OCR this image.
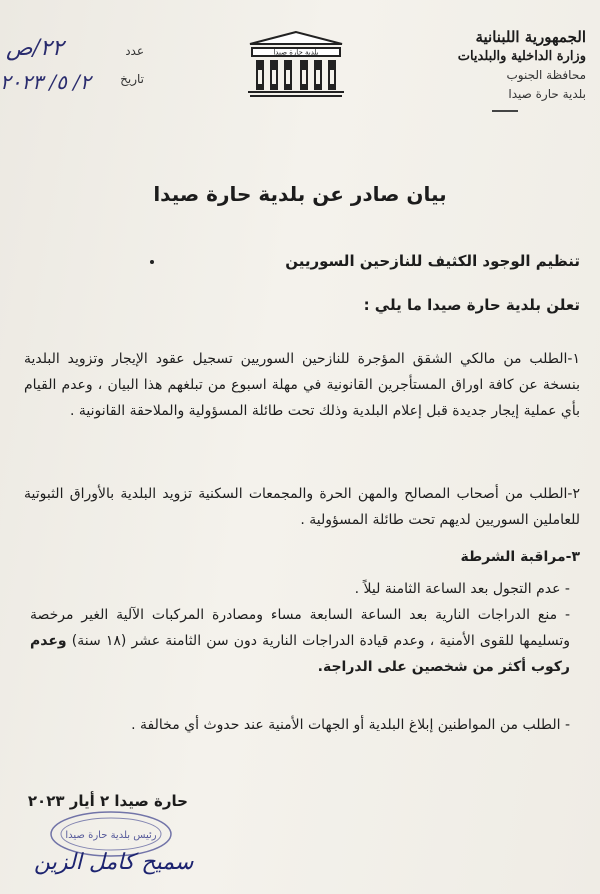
الجمهورية اللبنانية
وزارة الداخلية والبلديات
محافظة الجنوب
بلدية حارة صيدا
بلدية حارة صيدا
٢٢/ص	عدد
٢/ ٥/ ٢٠٢٣ تاريخ
بيان صادر عن بلدية حارة صيدا
تنظيم الوجود الكثيف للنازحين السوريين
تعلن بلدية حارة صيدا ما يلي :
١-الطلب من مالكي الشقق المؤجرة للنازحين السوريين تسجيل عقود الإيجار وتزويد البلدية بنسخة عن كافة اوراق المستأجرين القانونية في مهلة اسبوع من تبلغهم هذا البيان ، وعدم القيام بأي عملية إيجار جديدة قبل إعلام البلدية وذلك تحت طائلة المسؤولية والملاحقة القانونية .
٢-الطلب من أصحاب المصالح والمهن الحرة والمجمعات السكنية تزويد البلدية بالأوراق الثبوتية للعاملين السوريين لديهم تحت طائلة المسؤولية .
٣-مراقبة الشرطة
- عدم التجول بعد الساعة الثامنة ليلاً .
- منع الدراجات النارية بعد الساعة السابعة مساء ومصادرة المركبات الآلية الغير مرخصة وتسليمها للقوى الأمنية ، وعدم قيادة الدراجات النارية دون سن الثامنة عشر (١٨ سنة) وعدم ركوب أكثر من شخصين على الدراجة.
- الطلب من المواطنين إبلاغ البلدية أو الجهات الأمنية عند حدوث أي مخالفة .
حارة صيدا ٢ أيار ٢٠٢٣
رئيس بلدية حارة صيدا
سميح كامل الزين
